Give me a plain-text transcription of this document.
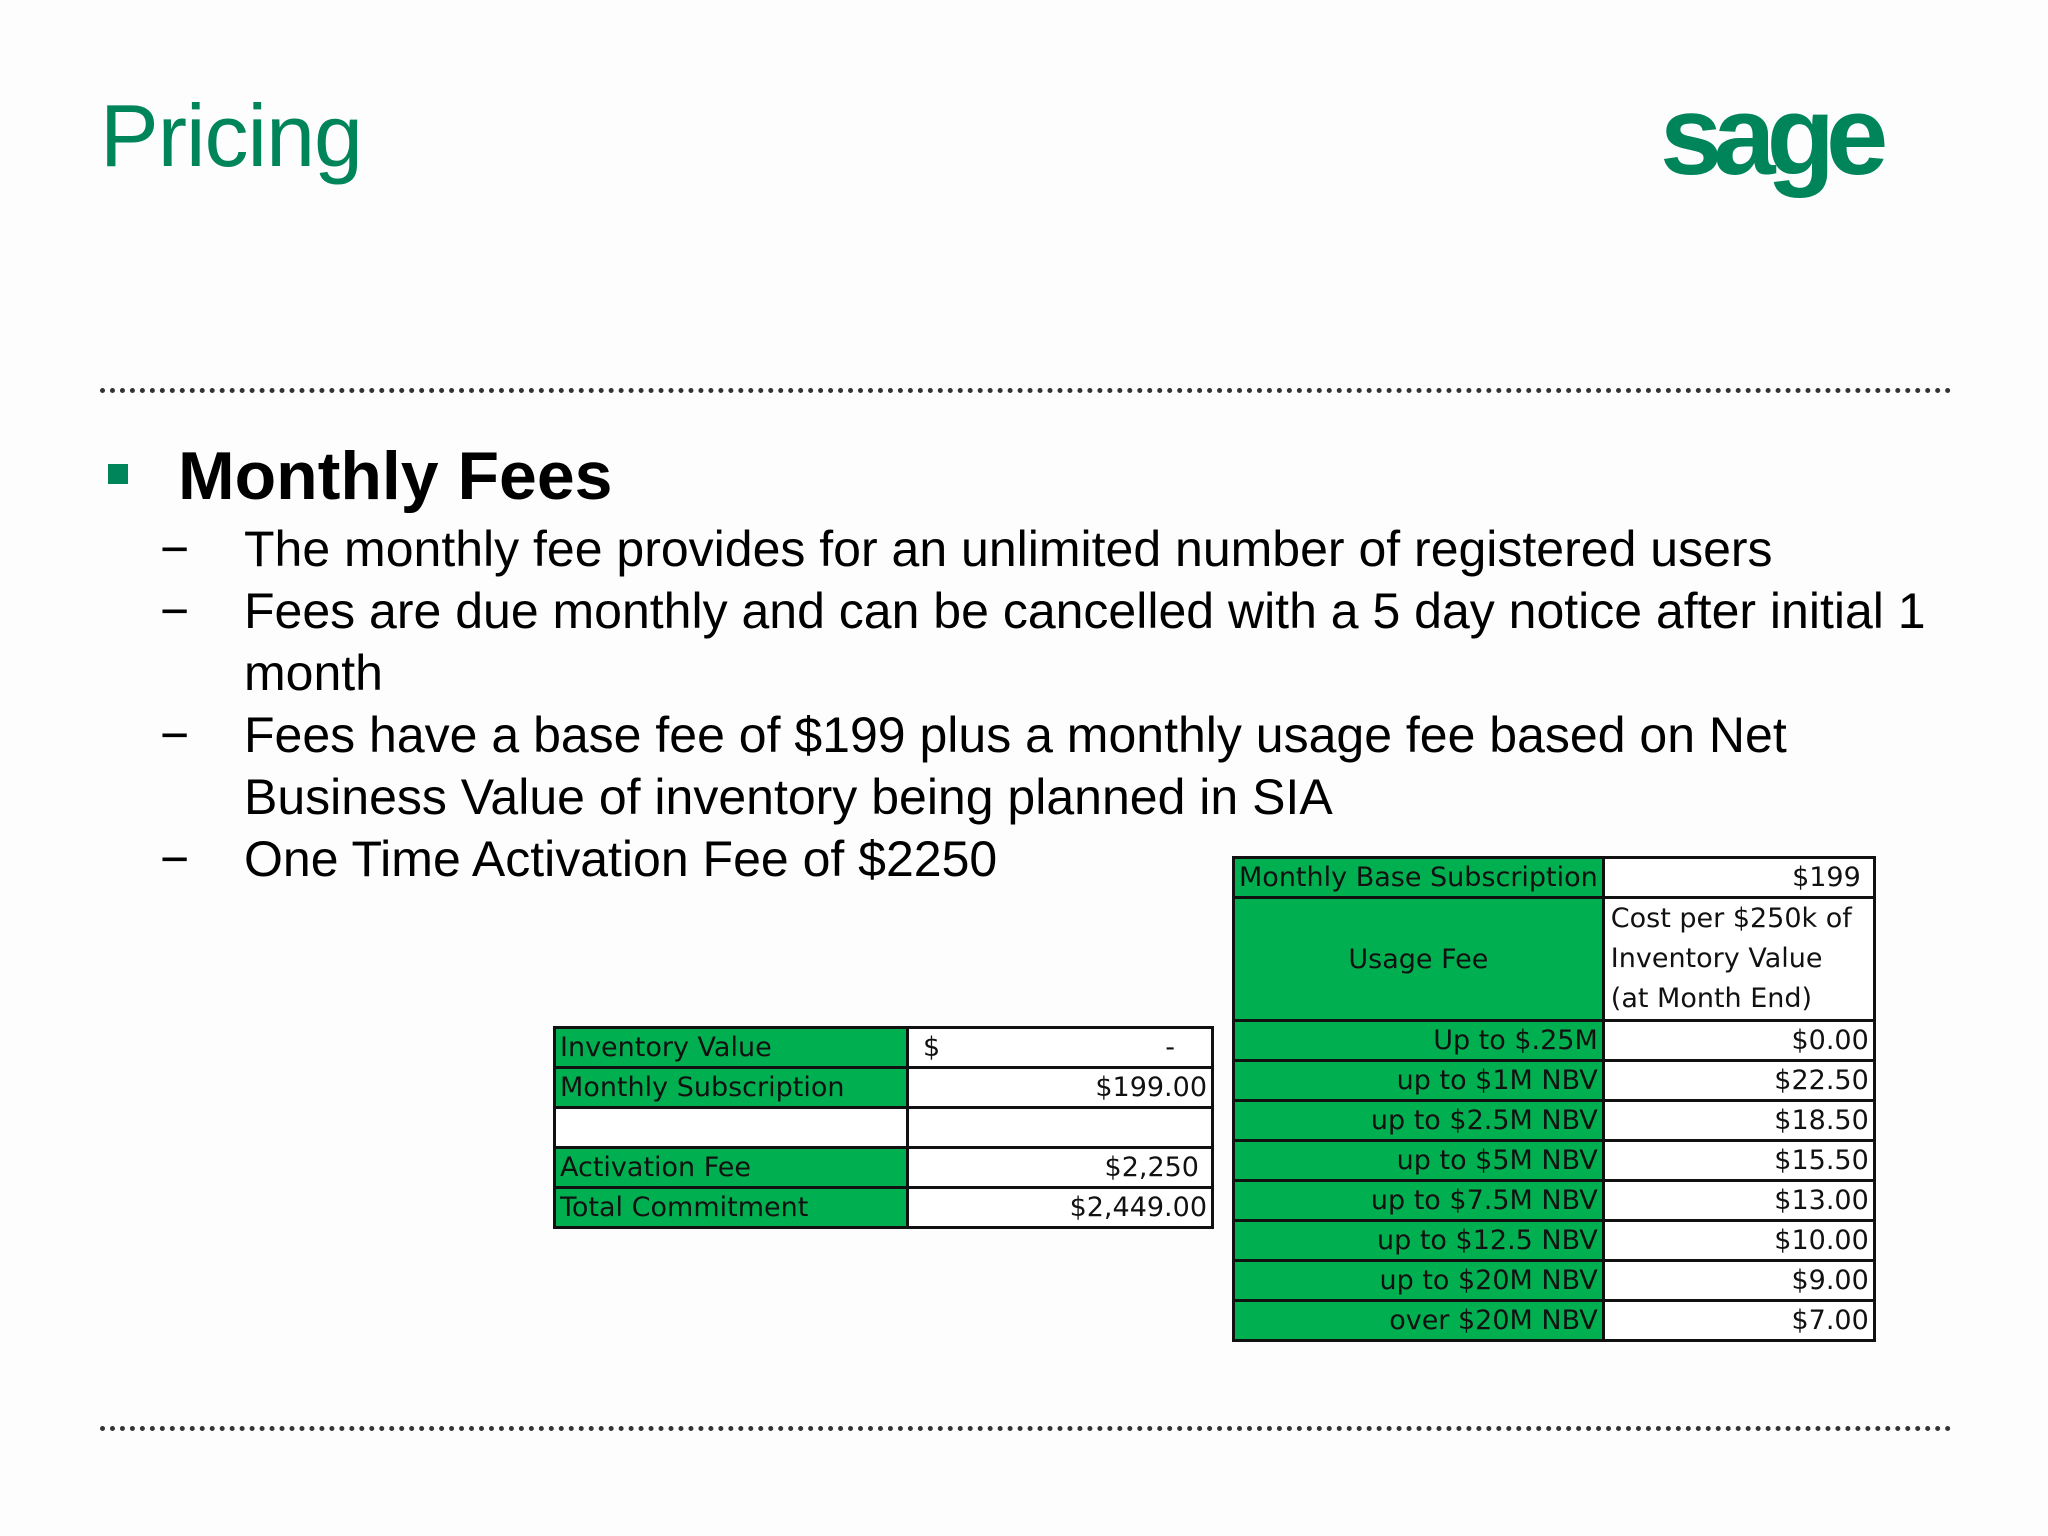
Pricing	sage
Monthly Fees
− The monthly fee provides for an unlimited number of registered users
− Fees are due monthly and can be cancelled with a 5 day notice after initial 1 month
− Fees have a base fee of $199 plus a monthly usage fee based on Net Business Value of inventory being planned in SIA
− One Time Activation Fee of $2250
Inventory Value	$ -

Monthly Subscription	$199.00

Activation Fee	$2,250
Total Commitment	$2,449.00
Monthly Base Subscription	$199
Usage Fee	Cost per $250k of Inventory Value (at Month End)
Up to $.25M	$0.00
up to $1M NBV	$22.50
up to $2.5M NBV	$18.50
up to $5M NBV	$15.50
up to $7.5M NBV	$13.00
up to $12.5 NBV	$10.00
up to $20M NBV	$9.00
over $20M NBV	$7.00
